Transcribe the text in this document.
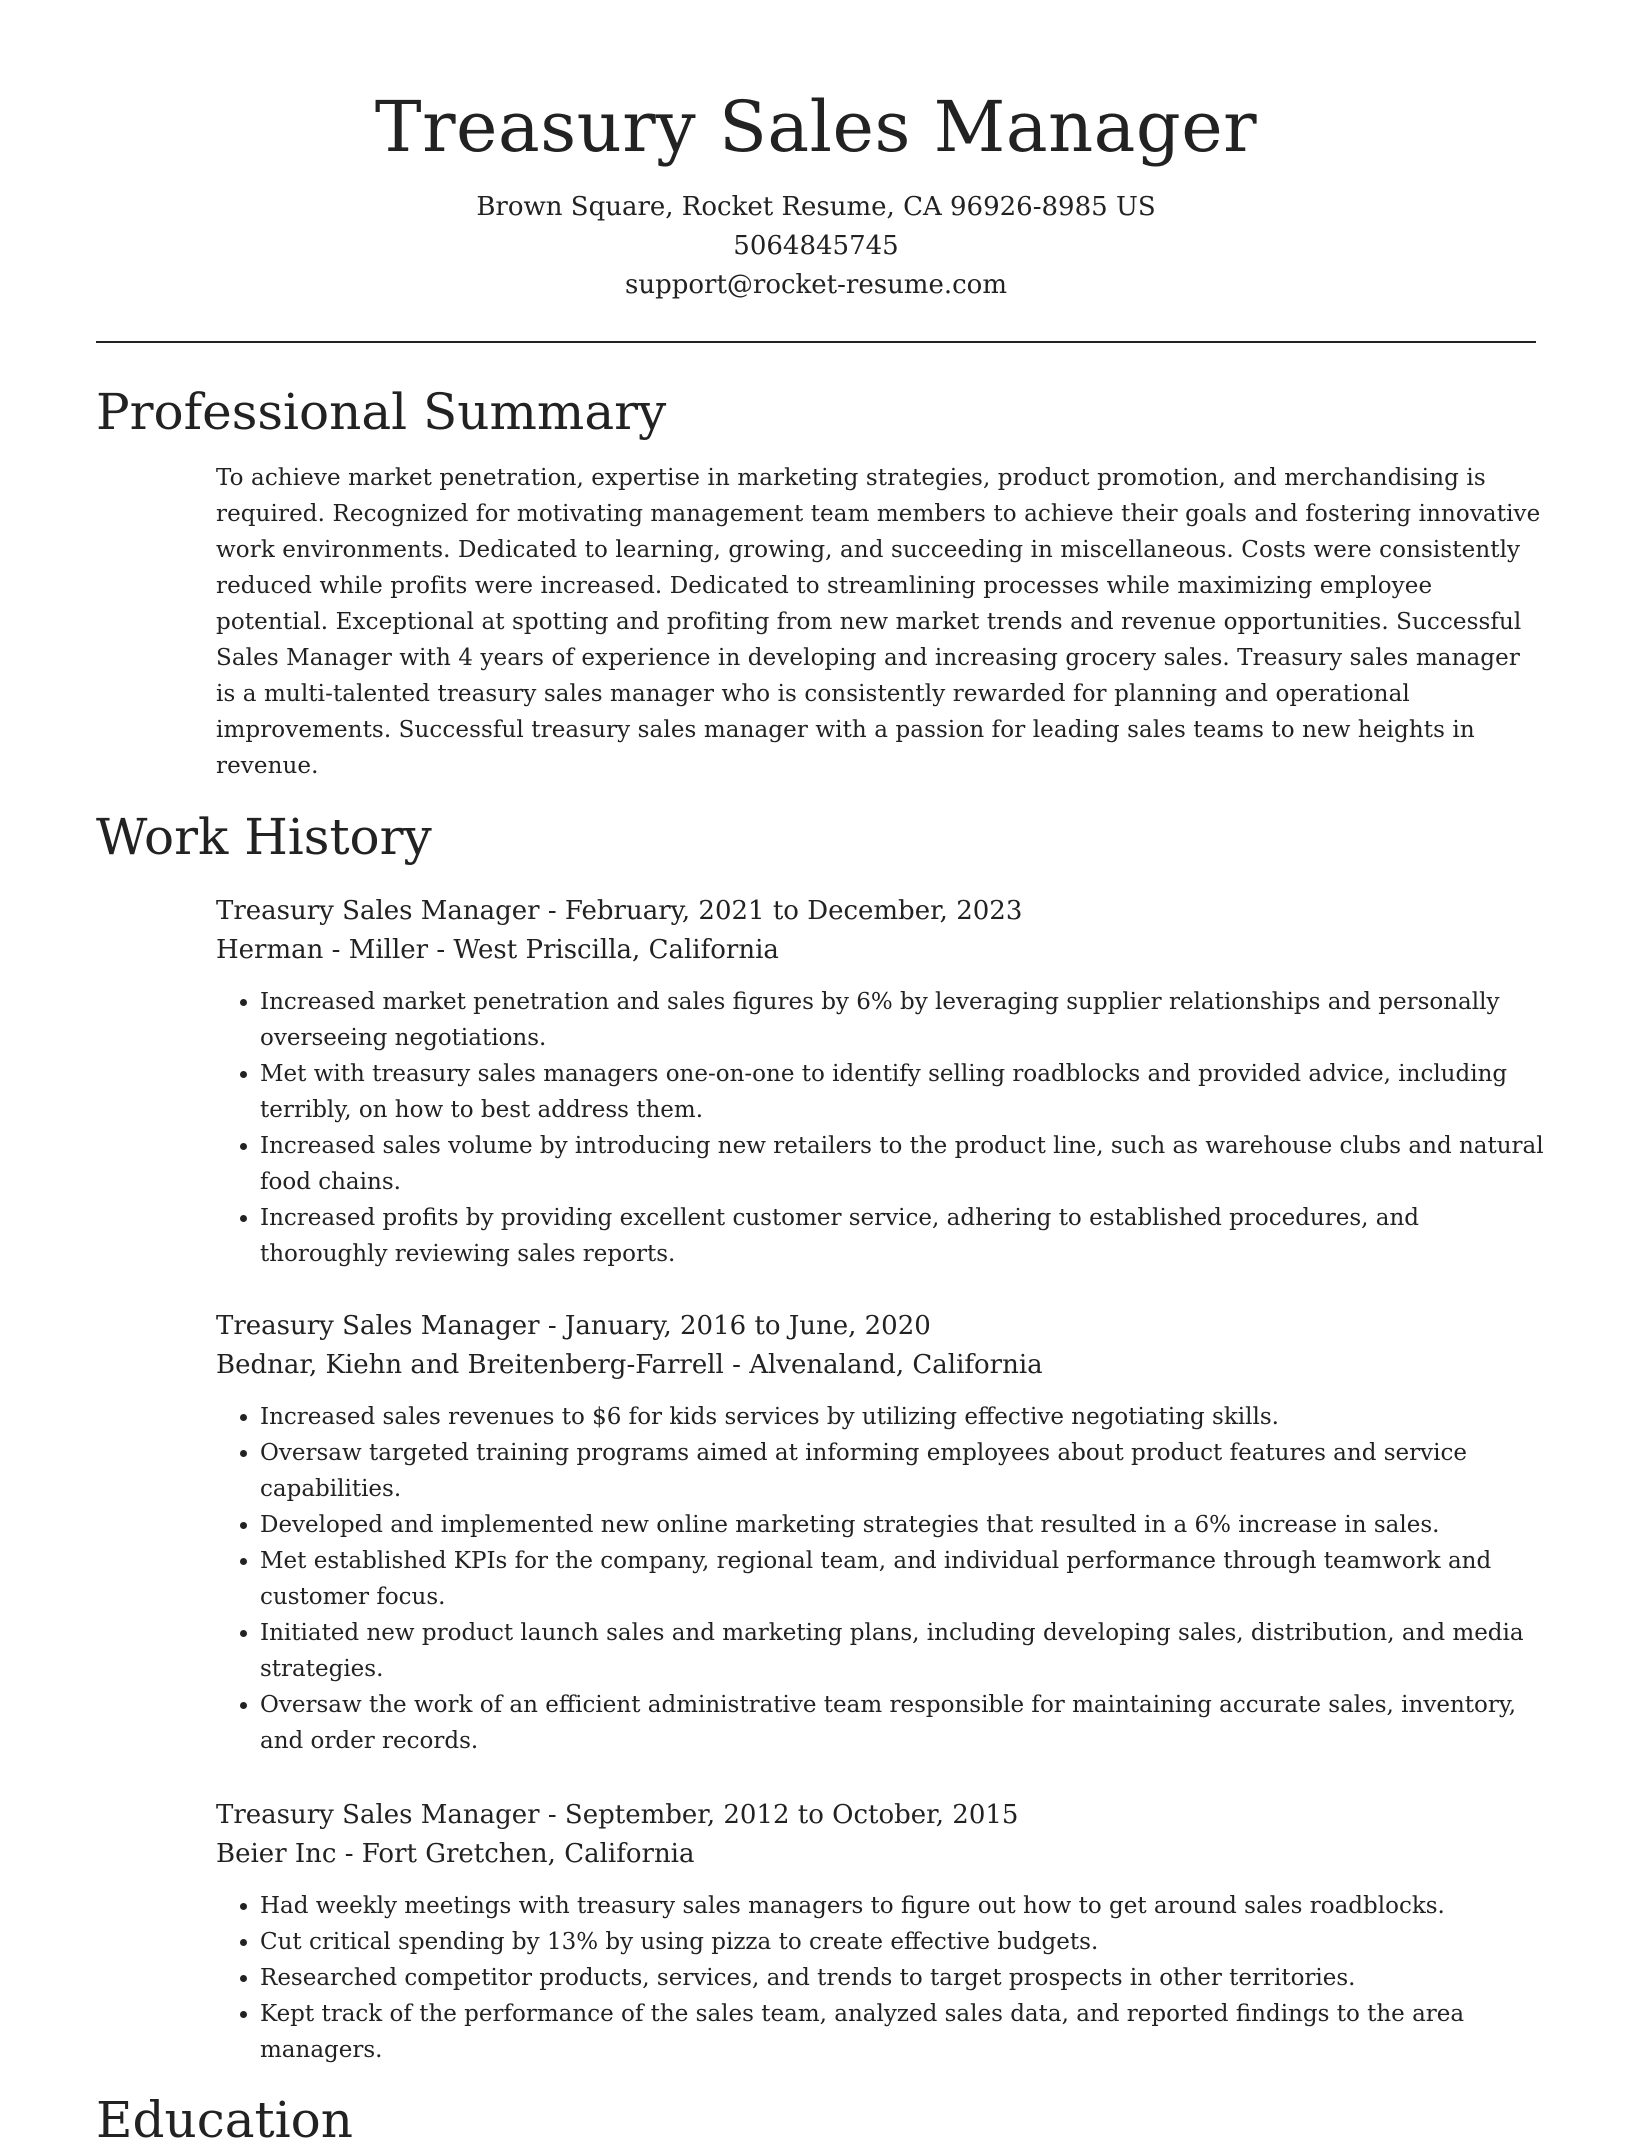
Treasury Sales Manager
Brown Square, Rocket Resume, CA 96926-8985 US
5064845745
support@rocket-resume.com
Professional Summary

To achieve market penetration, expertise in marketing strategies, product promotion, and merchandising is required. Recognized for motivating management team members to achieve their goals and fostering innovative work environments. Dedicated to learning, growing, and succeeding in miscellaneous. Costs were consistently reduced while profits were increased. Dedicated to streamlining processes while maximizing employee potential. Exceptional at spotting and profiting from new market trends and revenue opportunities. Successful Sales Manager with 4 years of experience in developing and increasing grocery sales. Treasury sales manager is a multi-talented treasury sales manager who is consistently rewarded for planning and operational improvements. Successful treasury sales manager with a passion for leading sales teams to new heights in revenue.

Work History
Treasury Sales Manager - February, 2021 to December, 2023
Herman - Miller - West Priscilla, California
• Increased market penetration and sales figures by 6% by leveraging supplier relationships and personally overseeing negotiations.
• Met with treasury sales managers one-on-one to identify selling roadblocks and provided advice, including terribly, on how to best address them.
• Increased sales volume by introducing new retailers to the product line, such as warehouse clubs and natural food chains.
• Increased profits by providing excellent customer service, adhering to established procedures, and thoroughly reviewing sales reports.
Treasury Sales Manager - January, 2016 to June, 2020
Bednar, Kiehn and Breitenberg-Farrell - Alvenaland, California
• Increased sales revenues to $6 for kids services by utilizing effective negotiating skills.
• Oversaw targeted training programs aimed at informing employees about product features and service capabilities.
• Developed and implemented new online marketing strategies that resulted in a 6% increase in sales.
• Met established KPIs for the company, regional team, and individual performance through teamwork and customer focus.
• Initiated new product launch sales and marketing plans, including developing sales, distribution, and media strategies.
• Oversaw the work of an efficient administrative team responsible for maintaining accurate sales, inventory, and order records.
Treasury Sales Manager - September, 2012 to October, 2015
Beier Inc - Fort Gretchen, California
• Had weekly meetings with treasury sales managers to figure out how to get around sales roadblocks.
• Cut critical spending by 13% by using pizza to create effective budgets.
• Researched competitor products, services, and trends to target prospects in other territories.
• Kept track of the performance of the sales team, analyzed sales data, and reported findings to the area managers.
Education
